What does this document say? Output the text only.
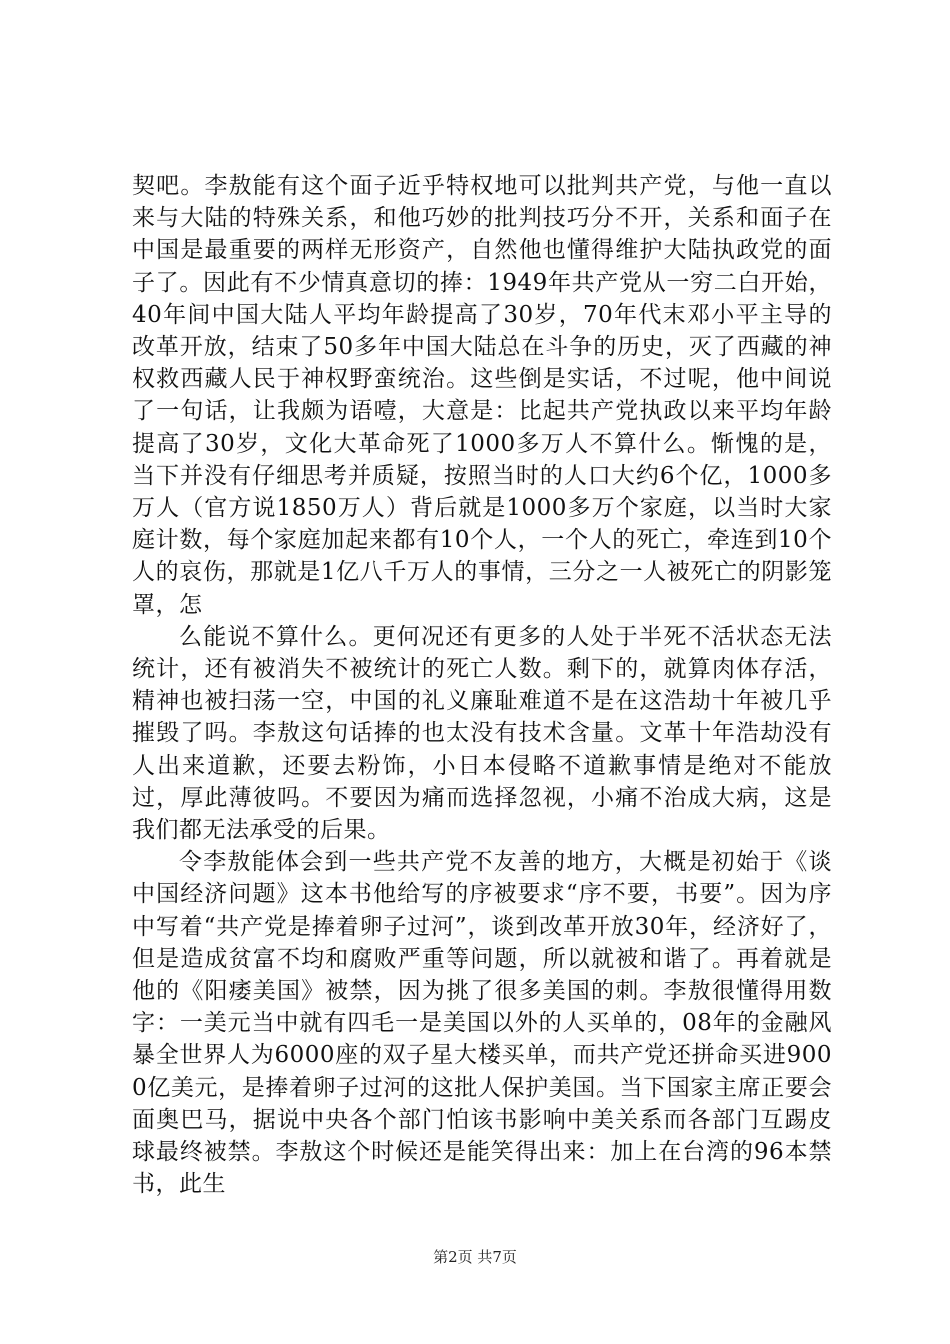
契吧。李敖能有这个面子近乎特权地可以批判共产党，与他一直以来与大陆的特殊关系，和他巧妙的批判技巧分不开，关系和面子在中国是最重要的两样无形资产，自然他也懂得维护大陆执政党的面子了。因此有不少情真意切的捧：1949年共产党从一穷二白开始，40年间中国大陆人平均年龄提高了30岁，70年代末邓小平主导的改革开放，结束了50多年中国大陆总在斗争的历史，灭了西藏的神权救西藏人民于神权野蛮统治。这些倒是实话，不过呢，他中间说了一句话，让我颇为语噎，大意是：比起共产党执政以来平均年龄提高了30岁，文化大革命死了1000多万人不算什么。惭愧的是，当下并没有仔细思考并质疑，按照当时的人口大约6个亿，1000多万人（官方说1850万人）背后就是1000多万个家庭，以当时大家庭计数，每个家庭加起来都有10个人，一个人的死亡，牵连到10个人的哀伤，那就是1亿八千万人的事情，三分之一人被死亡的阴影笼罩，怎

么能说不算什么。更何况还有更多的人处于半死不活状态无法统计，还有被消失不被统计的死亡人数。剩下的，就算肉体存活，精神也被扫荡一空，中国的礼义廉耻难道不是在这浩劫十年被几乎摧毁了吗。李敖这句话捧的也太没有技术含量。文革十年浩劫没有人出来道歉，还要去粉饰，小日本侵略不道歉事情是绝对不能放过，厚此薄彼吗。不要因为痛而选择忽视，小痛不治成大病，这是我们都无法承受的后果。

令李敖能体会到一些共产党不友善的地方，大概是初始于《谈中国经济问题》这本书他给写的序被要求“序不要，书要”。因为序中写着“共产党是捧着卵子过河”，谈到改革开放30年，经济好了，但是造成贫富不均和腐败严重等问题，所以就被和谐了。再着就是他的《阳痿美国》被禁，因为挑了很多美国的刺。李敖很懂得用数字：一美元当中就有四毛一是美国以外的人买单的，08年的金融风暴全世界人为6000座的双子星大楼买单，而共产党还拼命买进9000亿美元，是捧着卵子过河的这批人保护美国。当下国家主席正要会面奥巴马，据说中央各个部门怕该书影响中美关系而各部门互踢皮球最终被禁。李敖这个时候还是能笑得出来：加上在台湾的96本禁书，此生

第2页 共7页
